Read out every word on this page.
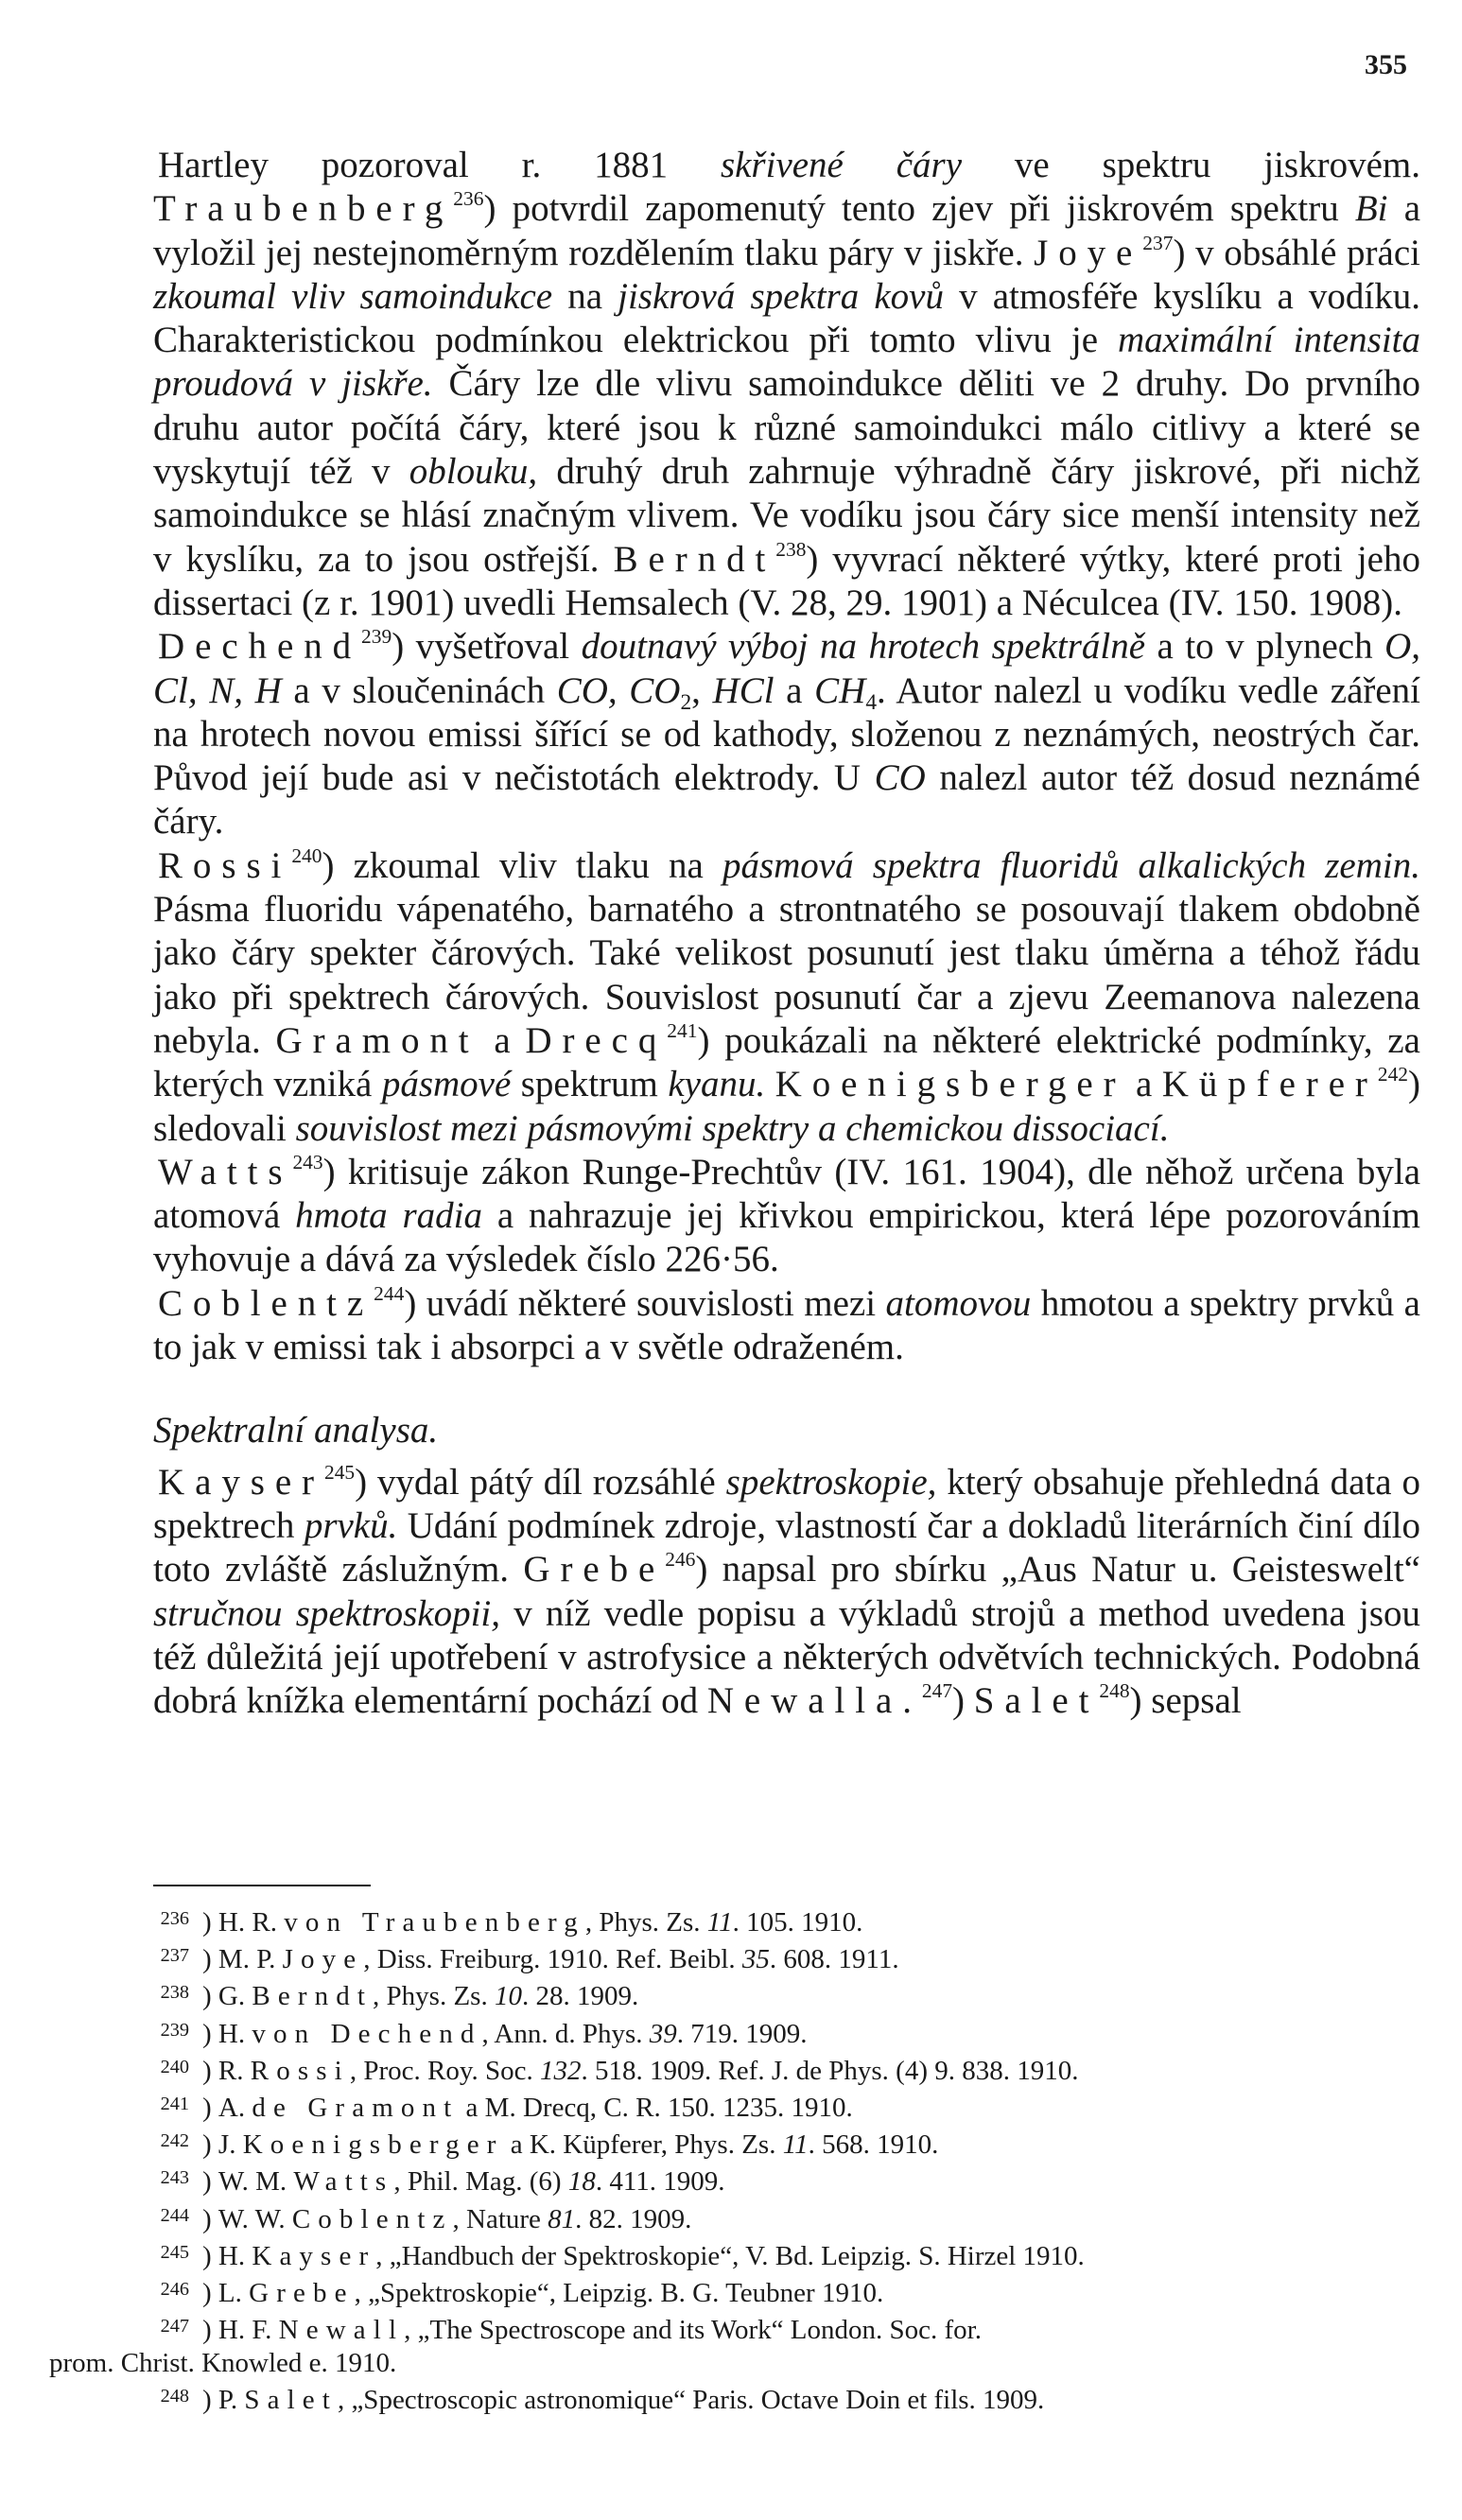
355

Hartley pozoroval r. 1881 skřivené čáry ve spektru jiskrovém. Traubenberg$^{236}$) potvrdil zapomenutý tento zjev při jiskrovém spektru Bi a vyložil jej nestejnoměrným rozdělením tlaku páry v jiskře. Joye$^{237}$) v obsáhlé práci zkoumal vliv samoindukce na jiskrová spektra kovů v atmosféře kyslíku a vodíku. Charakteristickou podmínkou elektrickou při tomto vlivu je maximální intensita proudová v jiskře. Čáry lze dle vlivu samoindukce děliti ve 2 druhy. Do prvního druhu autor počítá čáry, které jsou k různé samoindukci málo citlivy a které se vyskytují též v oblouku, druhý druh zahrnuje výhradně čáry jiskrové, při nichž samoindukce se hlásí značným vlivem. Ve vodíku jsou čáry sice menší intensity než v kyslíku, za to jsou ostřejší. Berndt$^{238}$) vyvrací některé výtky, které proti jeho dissertaci (z r. 1901) uvedli Hemsalech (V. 28, 29. 1901) a Néculcea (IV. 150. 1908).

Dechend$^{239}$) vyšetřoval doutnavý výboj na hrotech spektrálně a to v plynech O, Cl, N, H a v sloučeninách CO, $CO_2$, HCl a $CH_4$. Autor nalezl u vodíku vedle záření na hrotech novou emissi šířící se od kathody, složenou z neznámých, neostrých čar. Původ její bude asi v nečistotách elektrody. U CO nalezl autor též dosud neznámé čáry.

Rossi$^{240}$) zkoumal vliv tlaku na pásmová spektra fluoridů alkalických zemin. Pásma fluoridu vápenatého, barnatého a strontnatého se posouvají tlakem obdobně jako čáry spekter čárových. Také velikost posunutí jest tlaku úměrna a téhož řádu jako při spektrech čárových. Souvislost posunutí čar a zjevu Zeemanova nalezena nebyla. Gramont a Drecq$^{241}$) poukázali na některé elektrické podmínky, za kterých vzniká pásmové spektrum kyanu. Koenigsberger a Küpferer$^{242}$) sledovali souvislost mezi pásmovými spektry a chemickou dissociací.

Watts$^{243}$) kritisuje zákon Runge-Prechtův (IV. 161. 1904), dle něhož určena byla atomová hmota radia a nahrazuje jej křivkou empirickou, která lépe pozorováním vyhovuje a dává za výsledek číslo 226·56.

Coblentz$^{244}$) uvádí některé souvislosti mezi atomovou hmotou a spektry prvků a to jak v emissi tak i absorpci a v světle odraženém.

Spektralní analysa.

Kayser$^{245}$) vydal pátý díl rozsáhlé spektroskopie, který obsahuje přehledná data o spektrech prvků. Udání podmínek zdroje, vlastností čar a dokladů literárních činí dílo toto zvláště záslužným. Grebe$^{246}$) napsal pro sbírku „Aus Natur u. Geisteswelt“ stručnou spektroskopii, v níž vedle popisu a výkladů strojů a method uvedena jsou též důležitá její upotřebení v astrofysice a některých odvětvích technických. Podobná dobrá knížka elementární pochází od Newalla.$^{247}$) Salet$^{248}$) sepsal

236 ) H. R. von Traubenberg, Phys. Zs. 11. 105. 1910.
237 ) M. P. Joye, Diss. Freiburg. 1910. Ref. Beibl. 35. 608. 1911.
238 ) G. Berndt, Phys. Zs. 10. 28. 1909.
239 ) H. von Dechend, Ann. d. Phys. 39. 719. 1909.
240 ) R. Rossi, Proc. Roy. Soc. 132. 518. 1909. Ref. J. de Phys. (4) 9. 838. 1910.
241 ) A. de Gramont a M. Drecq, C. R. 150. 1235. 1910.
242 ) J. Koenigsberger a K. Küpferer, Phys. Zs. 11. 568. 1910.
243 ) W. M. Watts, Phil. Mag. (6) 18. 411. 1909.
244 ) W. W. Coblentz, Nature 81. 82. 1909.
245 ) H. Kayser, „Handbuch der Spektroskopie“, V. Bd. Leipzig. S. Hirzel 1910.
246 ) L. Grebe, „Spektroskopie“, Leipzig. B. G. Teubner 1910.
247 ) H. F. Newall, „The Spectroscope and its Work“ London. Soc. for.
prom. Christ. Knowled e. 1910.
248 ) P. Salet, „Spectroscopic astronomique“ Paris. Octave Doin et fils. 1909.
